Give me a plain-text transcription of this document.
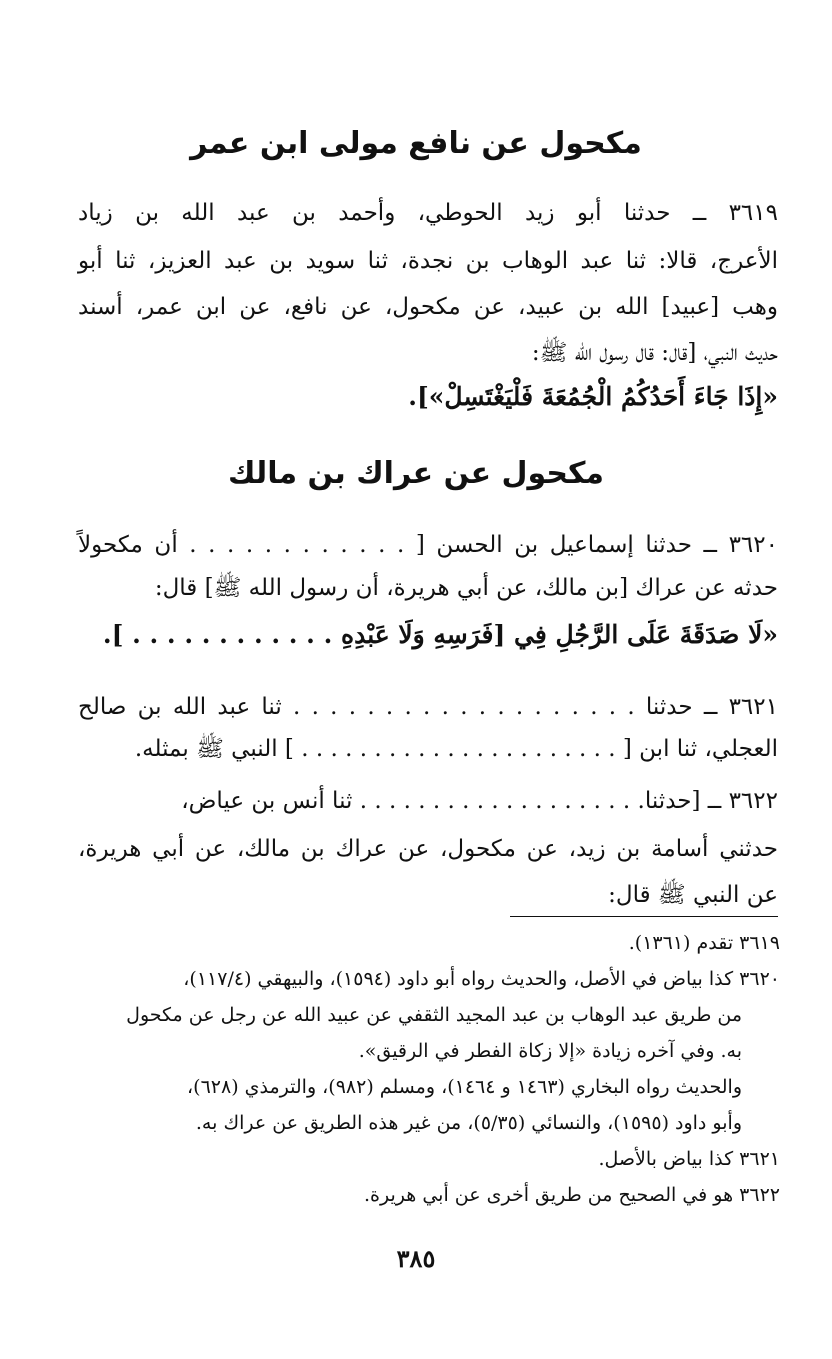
مكحول عن نافع مولى ابن عمر
٣٦١٩ ــ حدثنا أبو زيد الحوطي، وأحمد بن عبد الله بن زياد
الأعرج، قالا: ثنا عبد الوهاب بن نجدة، ثنا سويد بن عبد العزيز، ثنا أبو
وهب [عبيد] الله بن عبيد، عن مكحول، عن نافع، عن ابن عمر، أسند
حديث النبي، [قال: قال رسول الله ﷺ:
«إِذَا جَاءَ أَحَدُكُمُ الْجُمُعَةَ فَلْيَغْتَسِلْ»].
مكحول عن عراك بن مالك
٣٦٢٠ ــ حدثنا إسماعيل بن الحسن [ . . . . . . . . . . . . أن مكحولاً
حدثه عن عراك [بن مالك، عن أبي هريرة، أن رسول الله ﷺ] قال:
«لَا صَدَقَةَ عَلَى الرَّجُلِ فِي [فَرَسِهِ وَلَا عَبْدِهِ . . . . . . . . . . . . ].
٣٦٢١ ــ حدثنا . . . . . . . . . . . . . . . . . . . ثنا عبد الله بن صالح
العجلي، ثنا ابن [ . . . . . . . . . . . . . . . . . . . . . . ] النبي ﷺ بمثله.
٣٦٢٢ ــ [حدثنا. . . . . . . . . . . . . . . . . . . . ثنا أنس بن عياض،
حدثني أسامة بن زيد، عن مكحول، عن عراك بن مالك، عن أبي هريرة،
عن النبي ﷺ قال:
٣٦١٩ تقدم (١٣٦١).
٣٦٢٠ كذا بياض في الأصل، والحديث رواه أبو داود (١٥٩٤)، والبيهقي (١١٧/٤)،
من طريق عبد الوهاب بن عبد المجيد الثقفي عن عبيد الله عن رجل عن مكحول
به. وفي آخره زيادة «إلا زكاة الفطر في الرقيق».
والحديث رواه البخاري (١٤٦٣ و ١٤٦٤)، ومسلم (٩٨٢)، والترمذي (٦٢٨)،
وأبو داود (١٥٩٥)، والنسائي (٥/٣٥)، من غير هذه الطريق عن عراك به.
٣٦٢١ كذا بياض بالأصل.
٣٦٢٢ هو في الصحيح من طريق أخرى عن أبي هريرة.
٣٨٥
